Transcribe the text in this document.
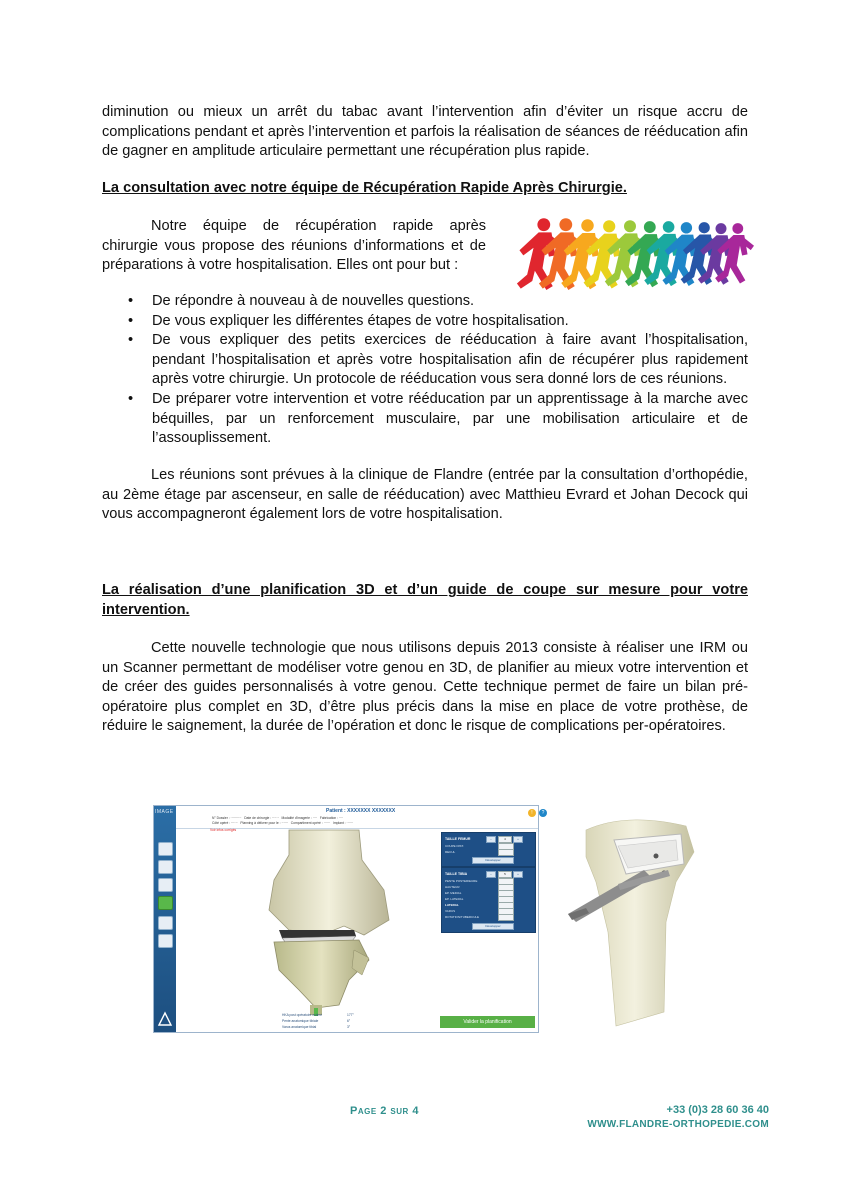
diminution ou mieux un arrêt du tabac avant l’intervention afin d’éviter un risque accru de complications pendant et après l’intervention et parfois la réalisation de séances de rééducation afin de gagner en amplitude articulaire permettant une récupération plus rapide.

La consultation avec notre équipe de Récupération Rapide Après Chirurgie.

Notre équipe de récupération rapide après
chirurgie vous propose des réunions d’informations et de
préparations à votre hospitalisation. Elles ont pour but :
• De répondre à nouveau à de nouvelles questions.
• De vous expliquer les différentes étapes de votre hospitalisation.
• De vous expliquer des petits exercices de rééducation à faire avant l’hospitalisation, pendant l’hospitalisation et après votre hospitalisation afin de récupérer plus rapidement après votre chirurgie. Un protocole de rééducation vous sera donné lors de ces réunions.
• De préparer votre intervention et votre rééducation par un apprentissage à la marche avec béquilles, par un renforcement musculaire, par une mobilisation articulaire et de l’assouplissement.

Les réunions sont prévues à la clinique de Flandre (entrée par la consultation d’orthopédie, au 2ème étage par ascenseur, en salle de rééducation) avec Matthieu Evrard et Johan Decock qui vous accompagneront également lors de votre hospitalisation.

La réalisation d’une planification 3D et d’un guide de coupe sur mesure pour votre intervention.

Cette nouvelle technologie que nous utilisons depuis 2013 consiste à réaliser une IRM ou un Scanner permettant de modéliser votre genou en 3D, de planifier au mieux votre intervention et de créer des guides personnalisés à votre genou. Cette technique permet de faire un bilan pré-opératoire plus complet en 3D, d’être plus précis dans la mise en place de votre prothèse, de réduire le saignement, la durée de l’opération et donc le risque de complications per-opératoires.

IMAGE	Patient : XXXXXXX XXXXXXX
N° Dossier : ··········   Date de chirurgie : ······   Modalité d'imagerie : ····   Fabrication : ····
Côté opéré : ······   Planning à délivrer pour le : ······   Compartiment opéré : ······   Implant : ······
!	?
Voir infos corrigés
HKA post opératoire estimé	177°
Pente anatomique tibiale	6°
Varus anatomique tibial	3°
TAILLE FEMUR	4	+
−
COUPE DIST.
RECUL
Développer
TAILLE TIBIA	5	+
−
PENTE POSTERIEURE
HAUTEUR
EP. MEDIAL
EP. LATERAL
LATERAL
VARUS
ROTATION/TUBERCULE
Développer
Valider la planification
Page 2 sur 4	+33 (0)3 28 60 36 40
WWW.FLANDRE-ORTHOPEDIE.COM
